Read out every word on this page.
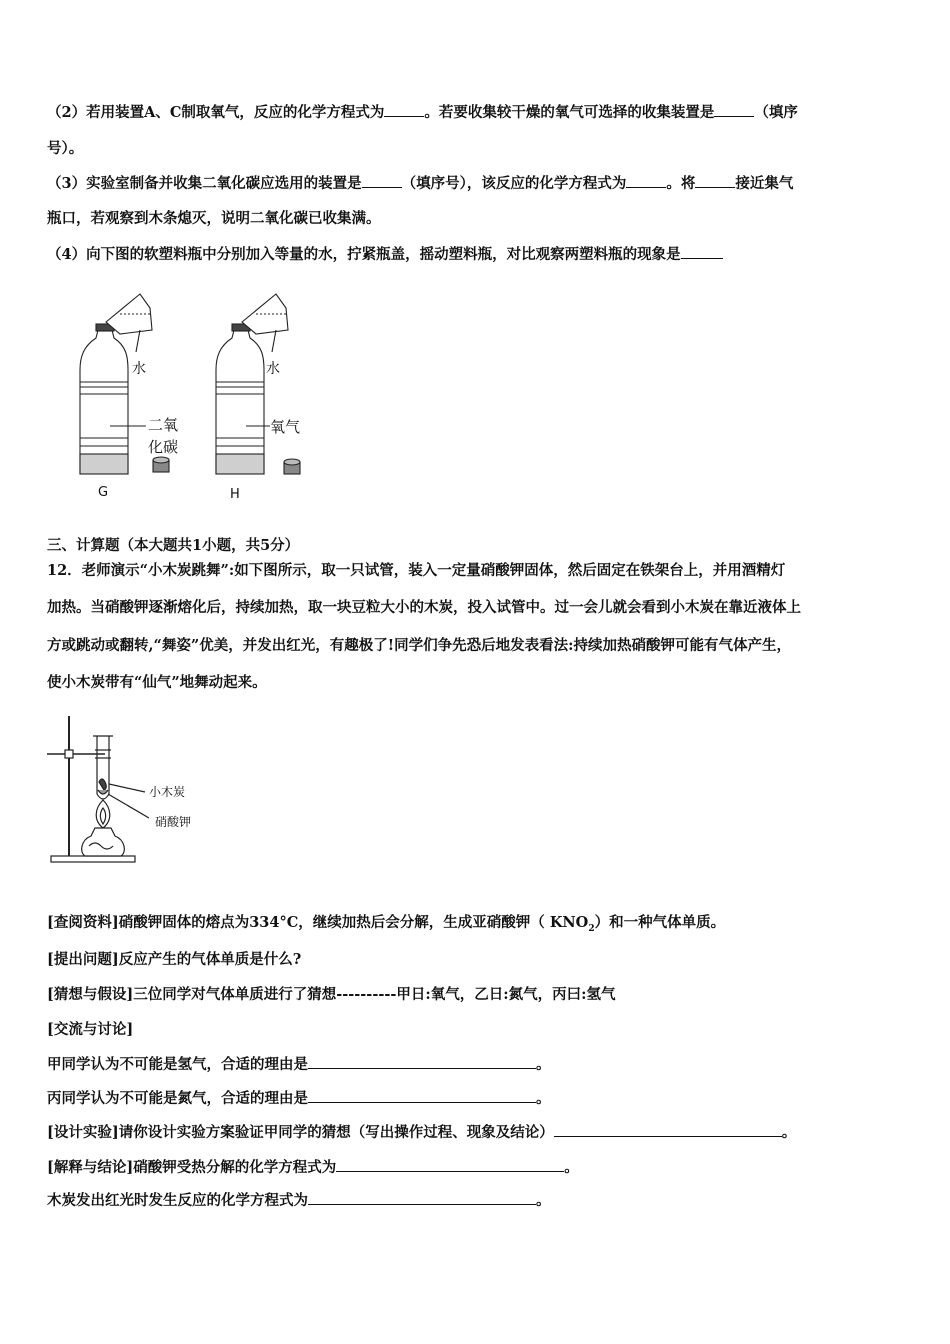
（2）若用装置A、C制取氧气，反应的化学方程式为	。若要收集较干燥的氧气可选择的收集装置是	（填序
号）。
（3）实验室制备并收集二氧化碳应选用的装置是	（填序号），该反应的化学方程式为	。将	接近集气
瓶口，若观察到木条熄灭，说明二氧化碳已收集满。
（4）向下图的软塑料瓶中分别加入等量的水，拧紧瓶盖，摇动塑料瓶，对比观察两塑料瓶的现象是
水	水
二氧
化碳
氧气
G	H
三、计算题（本大题共1小题，共5分）
12．老师演示“小木炭跳舞”:如下图所示，取一只试管，装入一定量硝酸钾固体，然后固定在铁架台上，并用酒精灯
加热。当硝酸钾逐渐熔化后，持续加热，取一块豆粒大小的木炭，投入试管中。过一会儿就会看到小木炭在靠近液体上
方或跳动或翻转,“舞姿”优美，并发出红光，有趣极了!同学们争先恐后地发表看法:持续加热硝酸钾可能有气体产生，
使小木炭带有“仙气”地舞动起来。
小木炭
硝酸钾
[查阅资料]硝酸钾固体的熔点为334°C，继续加热后会分解，生成亚硝酸钾（ $KNO_2$）和一种气体单质。
[提出问题]反应产生的气体单质是什么?
[猜想与假设]三位同学对气体单质进行了猜想----------甲日:氧气，乙日:氮气，丙曰:氢气
[交流与讨论]
甲同学认为不可能是氢气，合适的理由是	。
丙同学认为不可能是氮气，合适的理由是	。
[设计实验]请你设计实验方案验证甲同学的猜想（写出操作过程、现象及结论）	。
[解释与结论]硝酸钾受热分解的化学方程式为	。
木炭发出红光时发生反应的化学方程式为	。
